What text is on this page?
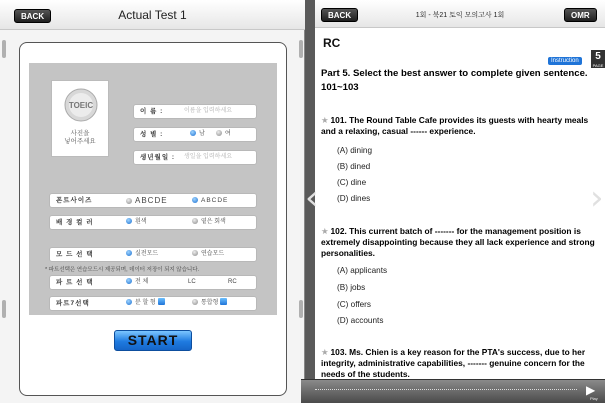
BACK	Actual Test 1
TOEIC
사진을
넣어주세요
이 름 :	이름을 입력하세요
성 별 :	남	여
생년월일 : 생일을 입력하세요
폰트사이즈	ABCDE	ABCDE
배 경 컬 러	흰색	옅은 회색
모 드 선 택	실전모드	연습모드
* 파트선택은 연습모드시 제공되며, 데이터 저장이 되지 않습니다.
파 트 선 택	전 체	LC	RC
파트7선택	분 할 형	통합형
START
BACK	1회 - 북21 토익 모의고사 1회	OMR
RC
Instruction
Part 5. Select the best answer to complete given sentence.
101~103
★ 101. The Round Table Cafe provides its guests with hearty meals and a relaxing, casual ------ experience.
(A) dining
(B) dined
(C) dine
(D) dines
★ 102. This current batch of ------- for the management position is extremely disappointing because they all lack experience and strong personalities.
(A) applicants
(B) jobs
(C) offers
(D) accounts
★ 103. Ms. Chien is a key reason for the PTA's success, due to her integrity, administrative capabilities, ------- genuine concern for the needs of the students.
5
PAGE
‹	›
▶
Play
